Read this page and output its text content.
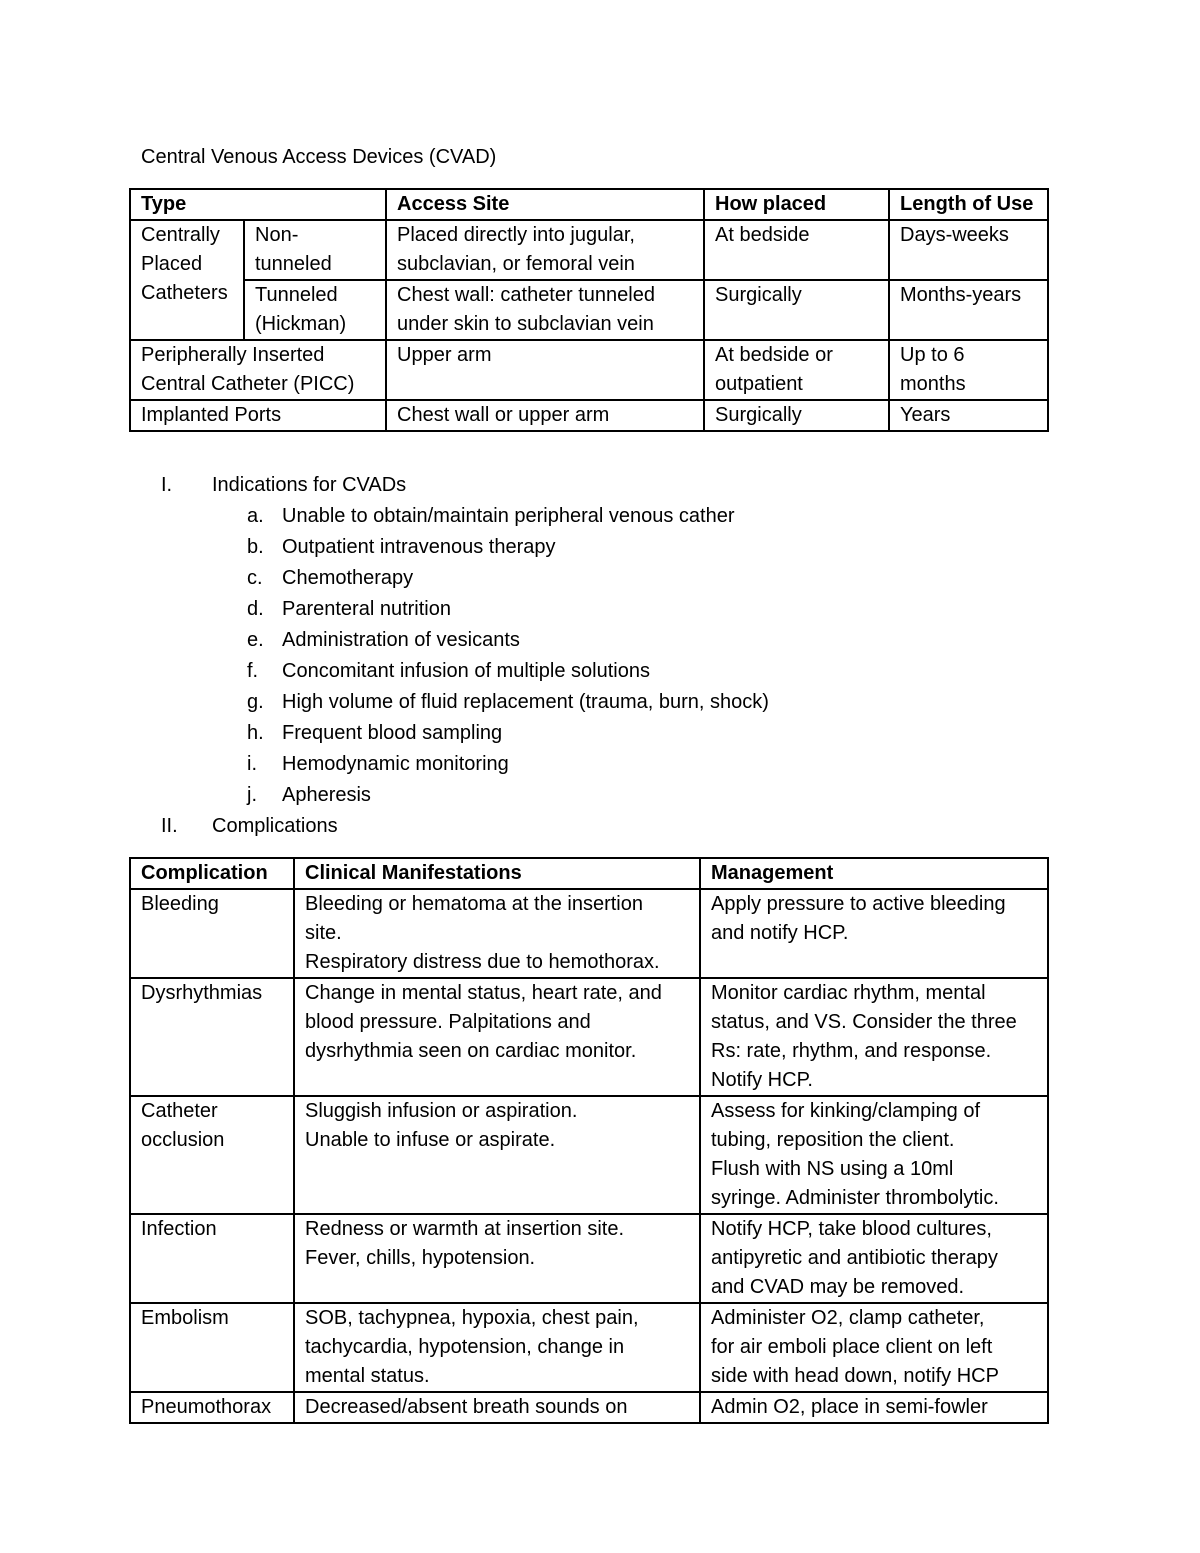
Central Venous Access Devices (CVAD)
Type		Access Site	How placed	Length of Use

Centrally
Placed
Catheters	Non-
tunneled	Placed directly into jugular,
subclavian, or femoral vein	At bedside	Days-weeks

	Tunneled
(Hickman)	Chest wall: catheter tunneled
under skin to subclavian vein	Surgically	Months-years

Peripherally Inserted
Central Catheter (PICC)		Upper arm	At bedside or
outpatient	Up to 6
months

Implanted Ports		Chest wall or upper arm	Surgically	Years
I.	Indications for CVADs
a. Unable to obtain/maintain peripheral venous cather
b. Outpatient intravenous therapy
c. Chemotherapy
d. Parenteral nutrition
e. Administration of vesicants
f.	Concomitant infusion of multiple solutions
g. High volume of fluid replacement (trauma, burn, shock)
h. Frequent blood sampling
i.	Hemodynamic monitoring
j.	Apheresis
II.	Complications
Complication	Clinical Manifestations	Management

Bleeding	Bleeding or hematoma at the insertion
site.
Respiratory distress due to hemothorax.	Apply pressure to active bleeding
and notify HCP.

Dysrhythmias	Change in mental status, heart rate, and
blood pressure. Palpitations and
dysrhythmia seen on cardiac monitor.	Monitor cardiac rhythm, mental
status, and VS. Consider the three
Rs: rate, rhythm, and response.
Notify HCP.

Catheter
occlusion	Sluggish infusion or aspiration.
Unable to infuse or aspirate.	Assess for kinking/clamping of
tubing, reposition the client.
Flush with NS using a 10ml
syringe. Administer thrombolytic.

Infection	Redness or warmth at insertion site.
Fever, chills, hypotension.	Notify HCP, take blood cultures,
antipyretic and antibiotic therapy
and CVAD may be removed.

Embolism	SOB, tachypnea, hypoxia, chest pain,
tachycardia, hypotension, change in
mental status.	Administer O2, clamp catheter,
for air emboli place client on left
side with head down, notify HCP

Pneumothorax	Decreased/absent breath sounds on	Admin O2, place in semi-fowler
